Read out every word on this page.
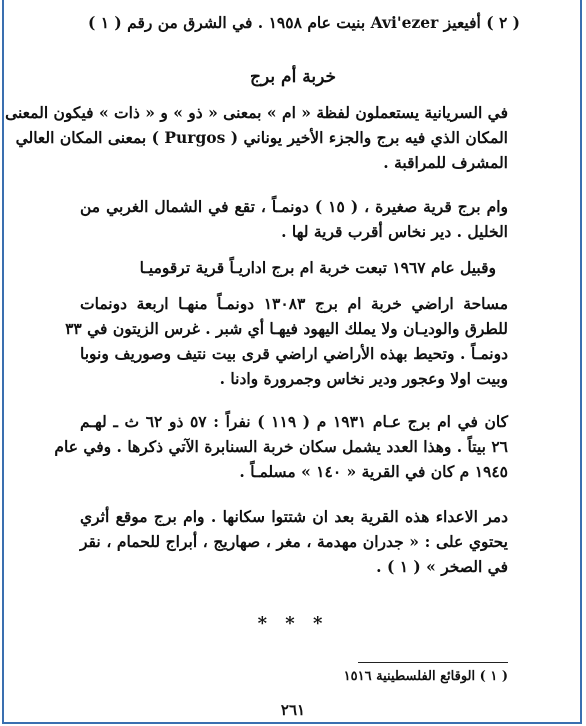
( ٢ ) أفيعيز Avi'ezer بنيت عام ١٩٥٨ . في الشرق من رقم ( ١ )
خربة أم برج
في السريانية يستعملون لفظة « ام » بمعنى « ذو » و « ذات » فيكون المعنى
المكان الذي فيه برج والجزء الأخير يوناني ( Purgos ) بمعنى المكان العالي
المشرف للمراقبة .
وام برج قرية صغيرة ، ( ١٥ ) دونمـاً ، تقع في الشمال الغربي من
الخليل . دير نخاس أقرب قرية لها .
وقبيل عام ١٩٦٧ تبعت خربة ام برج اداريـاً قرية ترقوميـا
مساحة اراضي خربة ام برج ١٣٠٨٣ دونمـاً منهـا اربعة دونمات
للطرق والوديـان ولا يملك اليهود فيهـا أي شبر . غرس الزيتون في ٣٣
دونمـاً . وتحيط بهذه الأراضي اراضي قرى بيت نتيف وصوريف ونوبا
وبيت اولا وعجور ودير نخاس وجمرورة وادنا .
كان في ام برج عـام ١٩٣١ م ( ١١٩ ) نفراً : ٥٧ ذو ٦٢ ث ـ لهـم
٢٦ بيتاً . وهذا العدد يشمل سكان خربة السنابرة الآتي ذكرها . وفي عام
١٩٤٥ م كان في القرية « ١٤٠ » مسلمـاً .
دمر الاعداء هذه القرية بعد ان شتتوا سكانها . وام برج موقع أثري
يحتوي على : « جدران مهدمة ، مغر ، صهاريج ، أبراج للحمام ، نقر
في الصخر » ( ١ ) .
* * *
( ١ ) الوقائع الفلسطينية ١٥١٦
٢٦١
